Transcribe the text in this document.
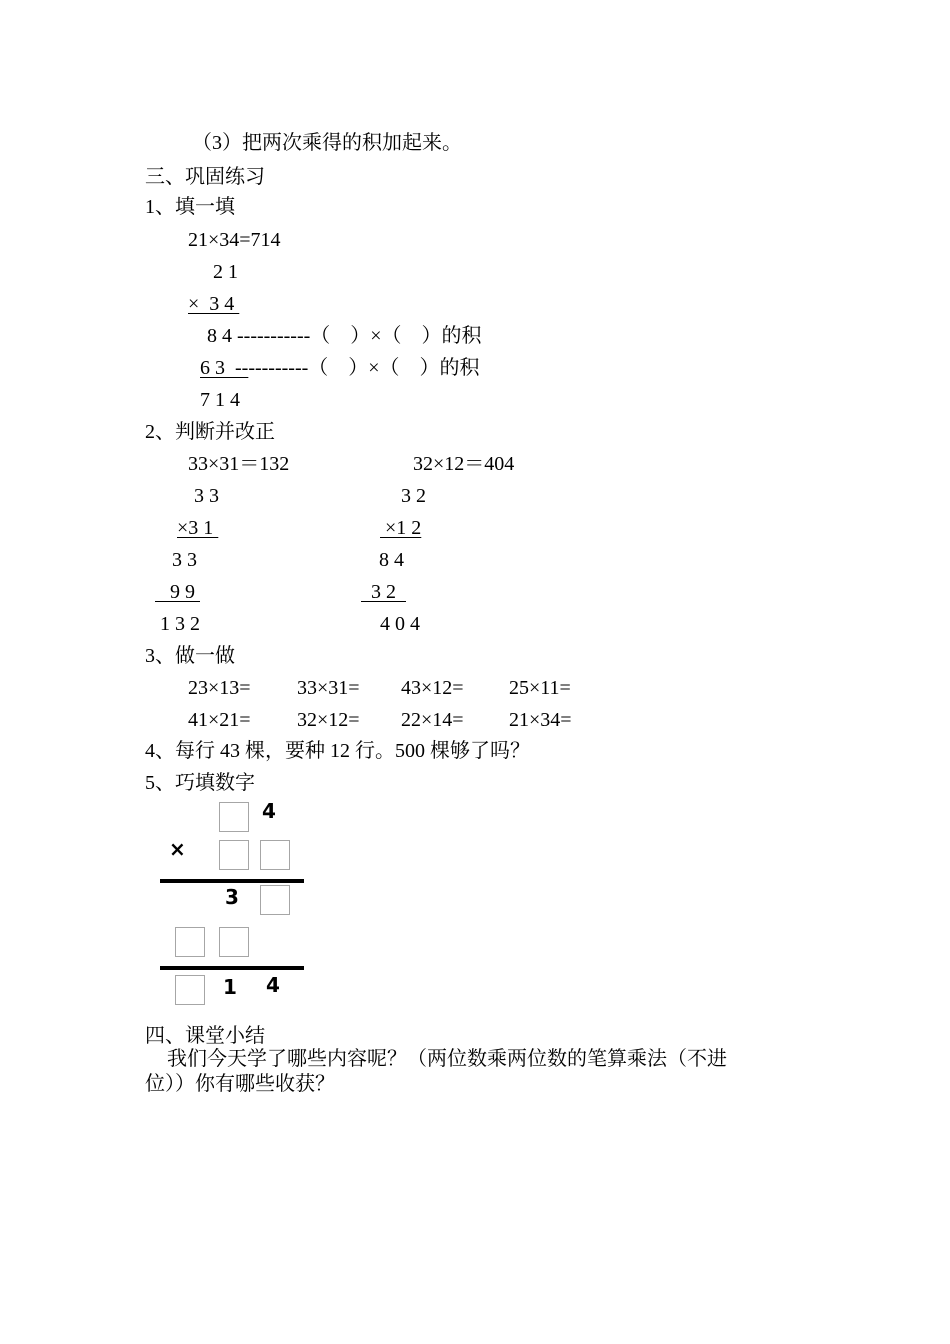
（3）把两次乘得的积加起来。
三、巩固练习
1、填一填
21×34=714
2 1
×  3 4
8 4 -----------（    ）×（    ）的积
6 3  -----------（    ）×（    ）的积
7 1 4
2、判断并改正
33×31＝132
3 3
×3 1
3 3
9 9
1 3 2
32×12＝404
3 2
×1 2
8 4
3 2
4 0 4
3、做一做
23×13= 33×31= 43×12= 25×11=
41×21= 32×12= 22×14= 21×34=
4、每行 43 棵，要种 12 行。500 棵够了吗？
5、巧填数字
4
×
3
1 4
四、课堂小结
我们今天学了哪些内容呢？（两位数乘两位数的笔算乘法（不进
位））你有哪些收获？
